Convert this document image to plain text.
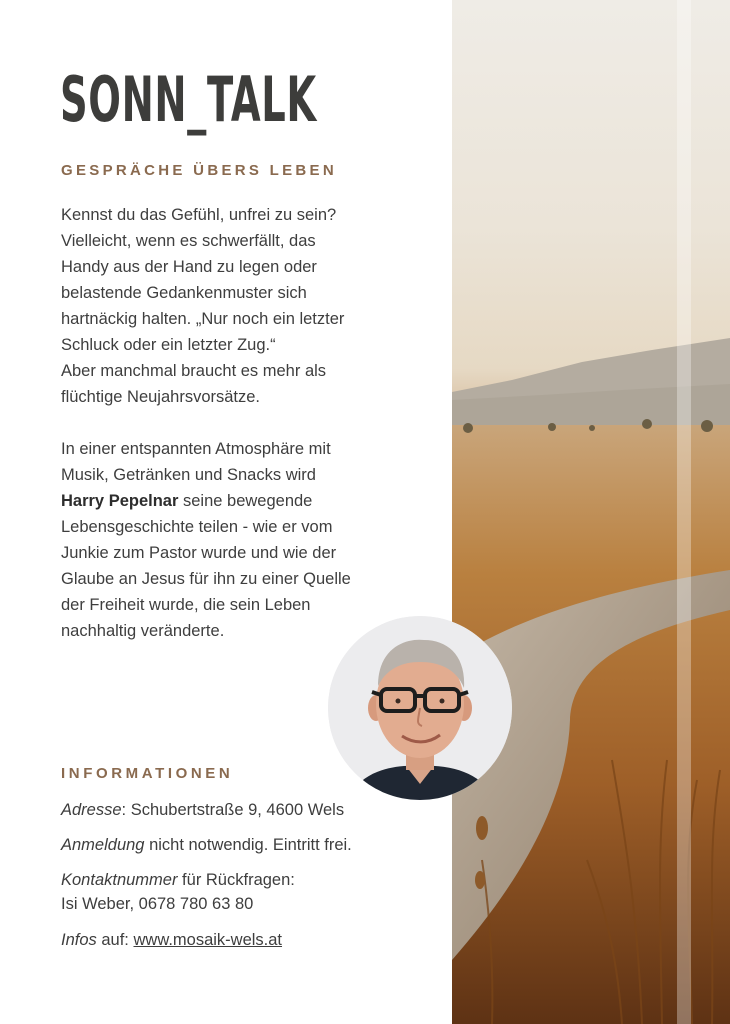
SONN_TALK
GESPRÄCHE ÜBERS LEBEN

Kennst du das Gefühl, unfrei zu sein?

Vielleicht, wenn es schwerfällt, das

Handy aus der Hand zu legen oder

belastende Gedankenmuster sich

hartnäckig halten. „Nur noch ein letzter

Schluck oder ein letzter Zug.“

Aber manchmal braucht es mehr als

flüchtige Neujahrsvorsätze.

In einer entspannten Atmosphäre mit

Musik, Getränken und Snacks wird

Harry Pepelnar seine bewegende

Lebensgeschichte teilen - wie er vom

Junkie zum Pastor wurde und wie der

Glaube an Jesus für ihn zu einer Quelle

der Freiheit wurde, die sein Leben

nachhaltig veränderte.

INFORMATIONEN

Adresse: Schubertstraße 9, 4600 Wels

Anmeldung nicht notwendig. Eintritt frei.

Kontaktnummer für Rückfragen:
Isi Weber, 0678 780 63 80

Infos auf: www.mosaik-wels.at
